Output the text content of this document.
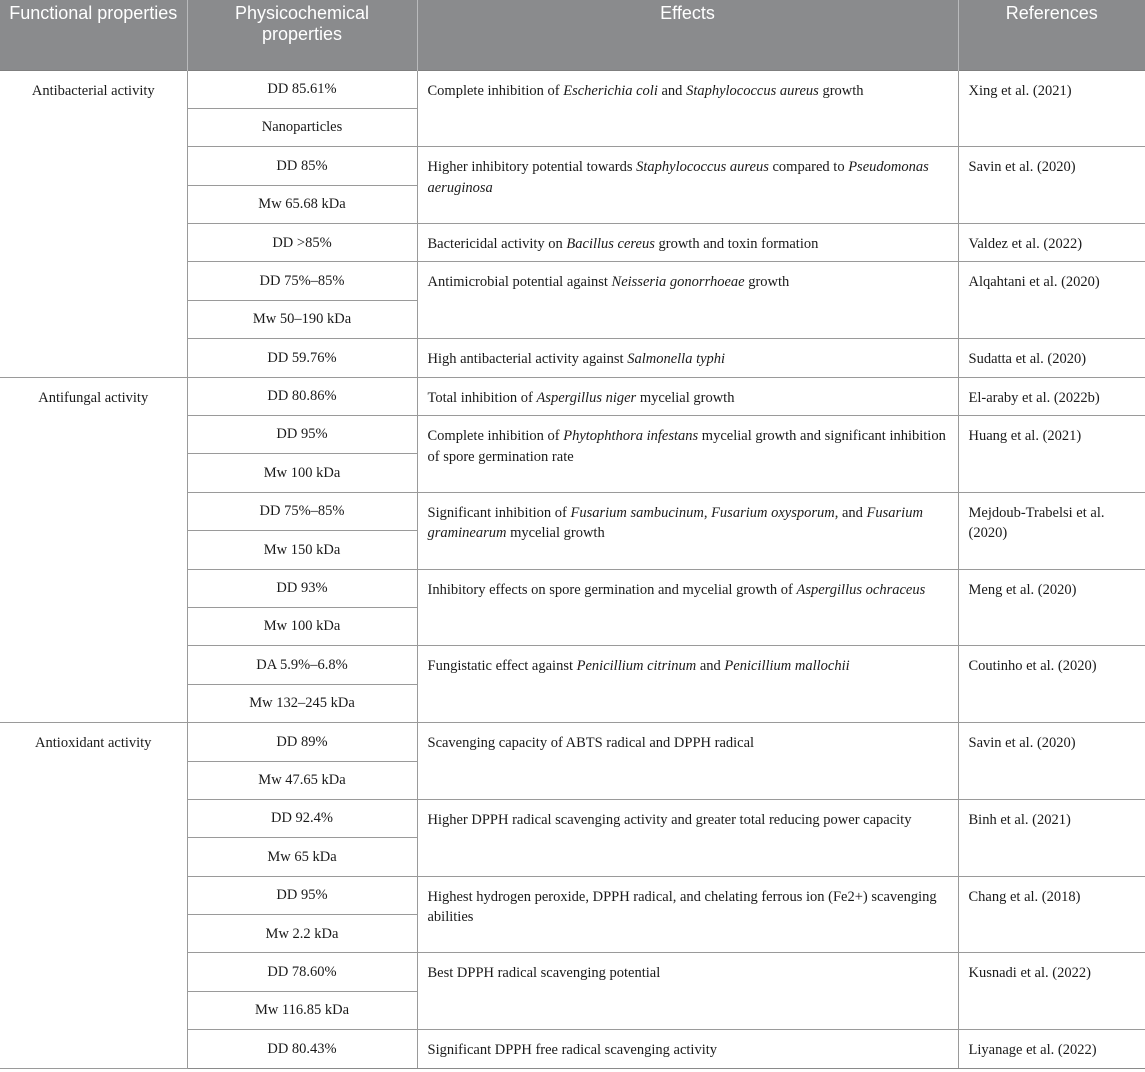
Functional properties	Physicochemical properties	Effects	References
Antibacterial activity	DD 85.61%	Complete inhibition of Escherichia coli and Staphylococcus aureus growth	Xing et al. (2021)
	Nanoparticles		
	DD 85%	Higher inhibitory potential towards Staphylococcus aureus compared to Pseudomonas aeruginosa	Savin et al. (2020)
	Mw 65.68 kDa		
	DD >85%	Bactericidal activity on Bacillus cereus growth and toxin formation	Valdez et al. (2022)
	DD 75%–85%	Antimicrobial potential against Neisseria gonorrhoeae growth	Alqahtani et al. (2020)
	Mw 50–190 kDa		
	DD 59.76%	High antibacterial activity against Salmonella typhi	Sudatta et al. (2020)
Antifungal activity	DD 80.86%	Total inhibition of Aspergillus niger mycelial growth	El-araby et al. (2022b)
	DD 95%	Complete inhibition of Phytophthora infestans mycelial growth and significant inhibition of spore germination rate	Huang et al. (2021)
	Mw 100 kDa		
	DD 75%–85%	Significant inhibition of Fusarium sambucinum, Fusarium oxysporum, and Fusarium graminearum mycelial growth	Mejdoub-Trabelsi et al. (2020)
	Mw 150 kDa		
	DD 93%	Inhibitory effects on spore germination and mycelial growth of Aspergillus ochraceus	Meng et al. (2020)
	Mw 100 kDa		
	DA 5.9%–6.8%	Fungistatic effect against Penicillium citrinum and Penicillium mallochii	Coutinho et al. (2020)
	Mw 132–245 kDa		
Antioxidant activity	DD 89%	Scavenging capacity of ABTS radical and DPPH radical	Savin et al. (2020)
	Mw 47.65 kDa		
	DD 92.4%	Higher DPPH radical scavenging activity and greater total reducing power capacity	Binh et al. (2021)
	Mw 65 kDa		
	DD 95%	Highest hydrogen peroxide, DPPH radical, and chelating ferrous ion (Fe2+) scavenging abilities	Chang et al. (2018)
	Mw 2.2 kDa		
	DD 78.60%	Best DPPH radical scavenging potential	Kusnadi et al. (2022)
	Mw 116.85 kDa		
	DD 80.43%	Significant DPPH free radical scavenging activity	Liyanage et al. (2022)
